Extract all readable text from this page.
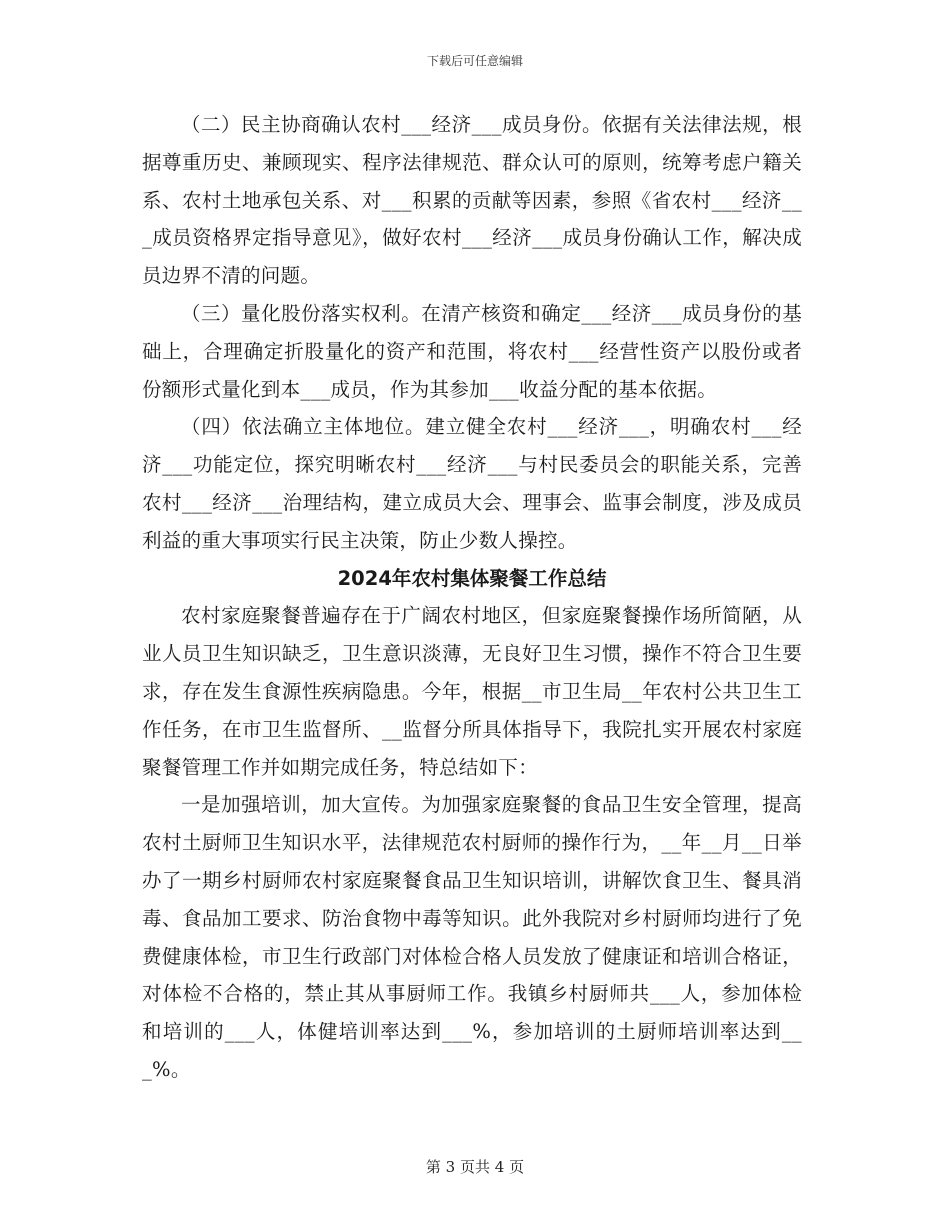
下载后可任意编辑

（二）民主协商确认农村___经济___成员身份。依据有关法律法规，根据尊重历史、兼顾现实、程序法律规范、群众认可的原则，统筹考虑户籍关系、农村土地承包关系、对___积累的贡献等因素，参照《省农村___经济___成员资格界定指导意见》，做好农村___经济___成员身份确认工作，解决成员边界不清的问题。

（三）量化股份落实权利。在清产核资和确定___经济___成员身份的基础上，合理确定折股量化的资产和范围，将农村___经营性资产以股份或者份额形式量化到本___成员，作为其参加___收益分配的基本依据。

（四）依法确立主体地位。建立健全农村___经济___，明确农村___经济___功能定位，探究明晰农村___经济___与村民委员会的职能关系，完善农村___经济___治理结构，建立成员大会、理事会、监事会制度，涉及成员利益的重大事项实行民主决策，防止少数人操控。

2024年农村集体聚餐工作总结

农村家庭聚餐普遍存在于广阔农村地区，但家庭聚餐操作场所简陋，从业人员卫生知识缺乏，卫生意识淡薄，无良好卫生习惯，操作不符合卫生要求，存在发生食源性疾病隐患。今年，根据__市卫生局__年农村公共卫生工作任务，在市卫生监督所、__监督分所具体指导下，我院扎实开展农村家庭聚餐管理工作并如期完成任务，特总结如下：

一是加强培训，加大宣传。为加强家庭聚餐的食品卫生安全管理，提高农村土厨师卫生知识水平，法律规范农村厨师的操作行为，__年__月__日举办了一期乡村厨师农村家庭聚餐食品卫生知识培训，讲解饮食卫生、餐具消毒、食品加工要求、防治食物中毒等知识。此外我院对乡村厨师均进行了免费健康体检，市卫生行政部门对体检合格人员发放了健康证和培训合格证，对体检不合格的，禁止其从事厨师工作。我镇乡村厨师共___人，参加体检和培训的___人，体健培训率达到___%，参加培训的土厨师培训率达到___%。

第 3 页共 4 页
